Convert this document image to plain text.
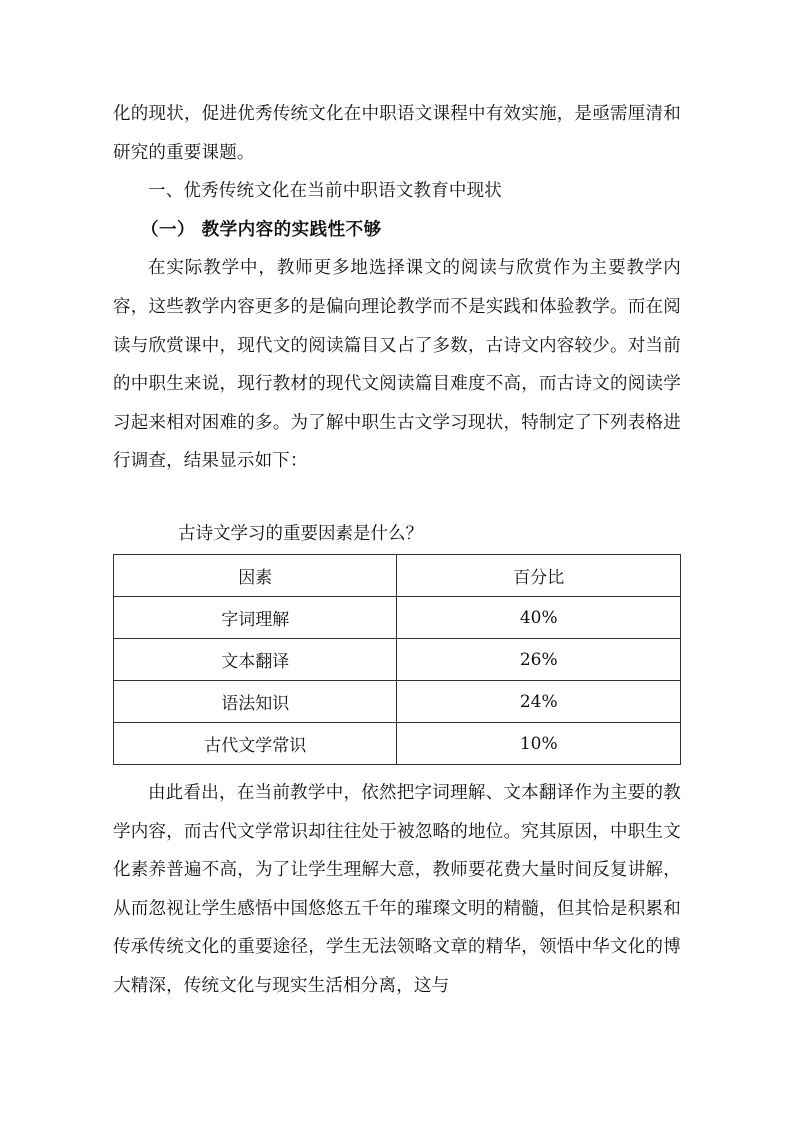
化的现状，促进优秀传统文化在中职语文课程中有效实施，是亟需厘清和研究的重要课题。

一、优秀传统文化在当前中职语文教育中现状

（一） 教学内容的实践性不够

在实际教学中，教师更多地选择课文的阅读与欣赏作为主要教学内容，这些教学内容更多的是偏向理论教学而不是实践和体验教学。而在阅读与欣赏课中，现代文的阅读篇目又占了多数，古诗文内容较少。对当前的中职生来说，现行教材的现代文阅读篇目难度不高，而古诗文的阅读学习起来相对困难的多。为了解中职生古文学习现状，特制定了下列表格进行调查，结果显示如下：

古诗文学习的重要因素是什么？
因素	百分比
字词理解	40%
文本翻译	26%
语法知识	24%
古代文学常识	10%

由此看出，在当前教学中，依然把字词理解、文本翻译作为主要的教学内容，而古代文学常识却往往处于被忽略的地位。究其原因，中职生文化素养普遍不高，为了让学生理解大意，教师要花费大量时间反复讲解，从而忽视让学生感悟中国悠悠五千年的璀璨文明的精髓，但其恰是积累和传承传统文化的重要途径，学生无法领略文章的精华，领悟中华文化的博大精深，传统文化与现实生活相分离，这与
